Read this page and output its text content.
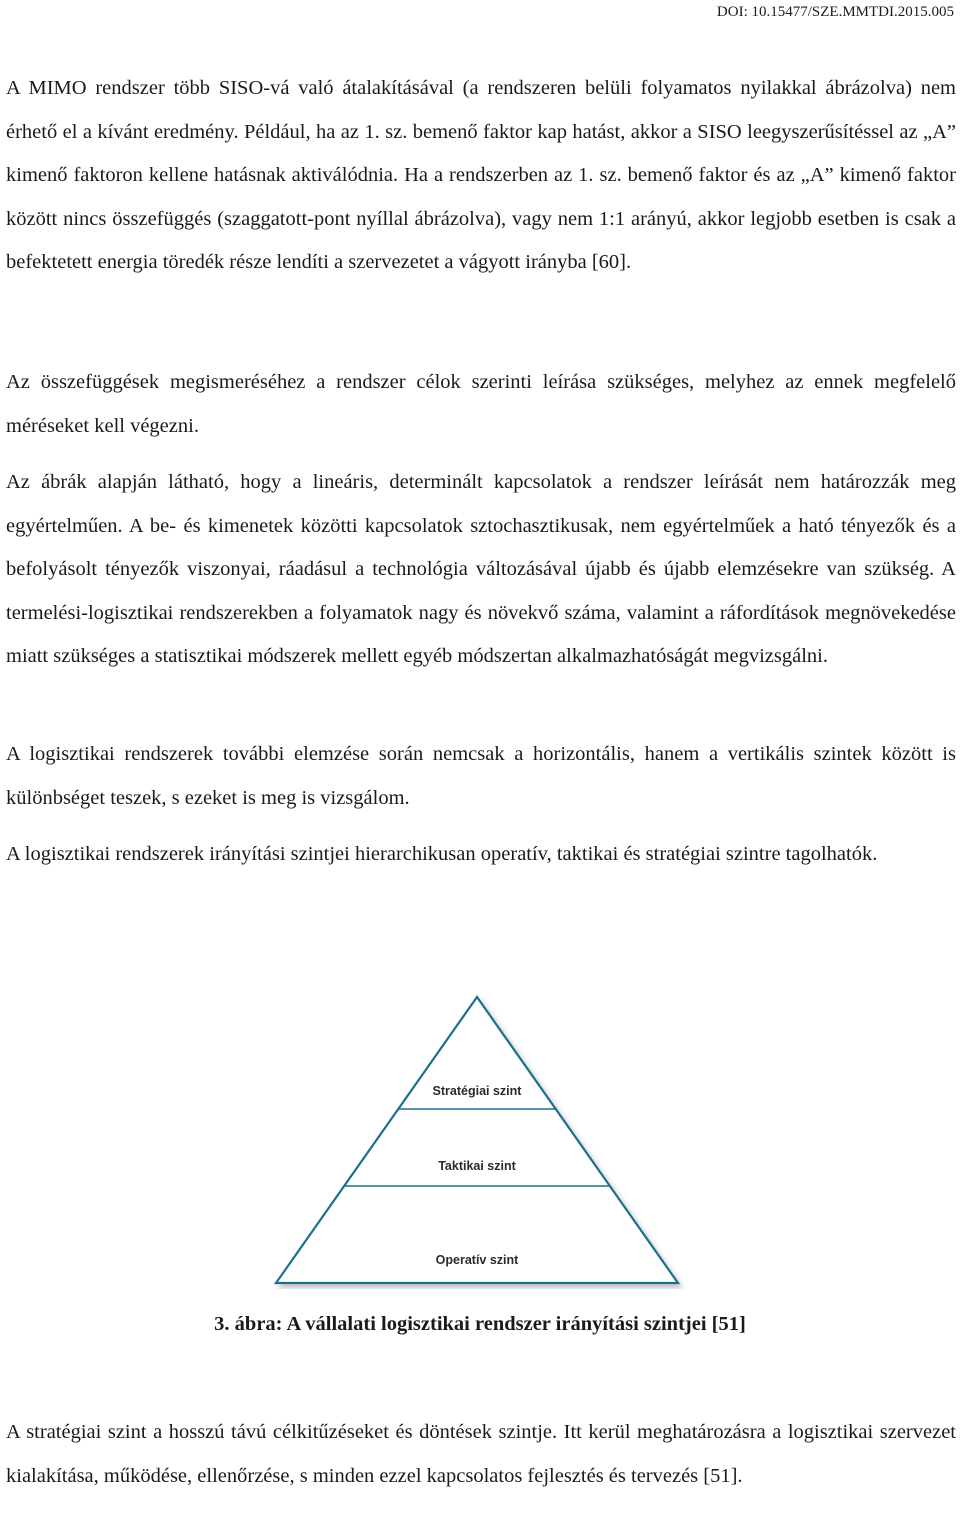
DOI: 10.15477/SZE.MMTDI.2015.005

A MIMO rendszer több SISO-vá való átalakításával (a rendszeren belüli folyamatos nyilakkal ábrázolva) nem érhető el a kívánt eredmény. Például, ha az 1. sz. bemenő faktor kap hatást, akkor a SISO leegyszerűsítéssel az „A” kimenő faktoron kellene hatásnak aktiválódnia. Ha a rendszerben az 1. sz. bemenő faktor és az „A” kimenő faktor között nincs összefüggés (szaggatott-pont nyíllal ábrázolva), vagy nem 1:1 arányú, akkor legjobb esetben is csak a befektetett energia töredék része lendíti a szervezetet a vágyott irányba [60].

Az összefüggések megismeréséhez a rendszer célok szerinti leírása szükséges, melyhez az ennek megfelelő méréseket kell végezni.

Az ábrák alapján látható, hogy a lineáris, determinált kapcsolatok a rendszer leírását nem határozzák meg egyértelműen. A be- és kimenetek közötti kapcsolatok sztochasztikusak, nem egyértelműek a ható tényezők és a befolyásolt tényezők viszonyai, ráadásul a technológia változásával újabb és újabb elemzésekre van szükség. A termelési-logisztikai rendszerekben a folyamatok nagy és növekvő száma, valamint a ráfordítások megnövekedése miatt szükséges a statisztikai módszerek mellett egyéb módszertan alkalmazhatóságát megvizsgálni.

A logisztikai rendszerek további elemzése során nemcsak a horizontális, hanem a vertikális szintek között is különbséget teszek, s ezeket is meg is vizsgálom.

A logisztikai rendszerek irányítási szintjei hierarchikusan operatív, taktikai és stratégiai szintre tagolhatók.

Stratégiai szint
Taktikai szint
Operatív szint
3. ábra: A vállalati logisztikai rendszer irányítási szintjei [51]

A stratégiai szint a hosszú távú célkitűzéseket és döntések szintje. Itt kerül meghatározásra a logisztikai szervezet kialakítása, működése, ellenőrzése, s minden ezzel kapcsolatos fejlesztés és tervezés [51].
